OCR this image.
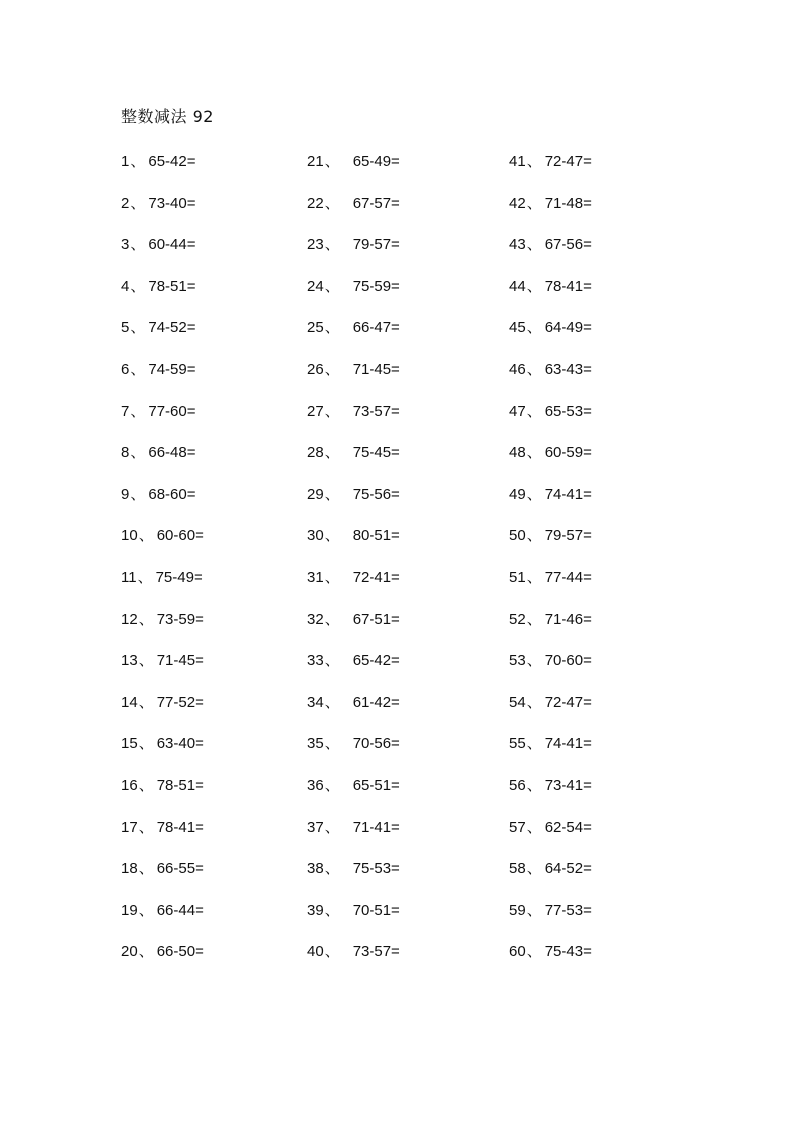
整数减法 92
1 、 65-42=
2 、 73-40=
3 、 60-44=
4 、 78-51=
5 、 74-52=
6 、 74-59=
7 、 77-60=
8 、 66-48=
9 、 68-60=
10 、 60-60=
11 、 75-49=
12 、 73-59=
13 、 71-45=
14 、 77-52=
15 、 63-40=
16 、 78-51=
17 、 78-41=
18 、 66-55=
19 、 66-44=
20 、 66-50=
21 、 65-49=
22 、 67-57=
23 、 79-57=
24 、 75-59=
25 、 66-47=
26 、 71-45=
27 、 73-57=
28 、 75-45=
29 、 75-56=
30 、 80-51=
31 、 72-41=
32 、 67-51=
33 、 65-42=
34 、 61-42=
35 、 70-56=
36 、 65-51=
37 、 71-41=
38 、 75-53=
39 、 70-51=
40 、 73-57=
41 、 72-47=
42 、 71-48=
43 、 67-56=
44 、 78-41=
45 、 64-49=
46 、 63-43=
47 、 65-53=
48 、 60-59=
49 、 74-41=
50 、 79-57=
51 、 77-44=
52 、 71-46=
53 、 70-60=
54 、 72-47=
55 、 74-41=
56 、 73-41=
57 、 62-54=
58 、 64-52=
59 、 77-53=
60 、 75-43=
